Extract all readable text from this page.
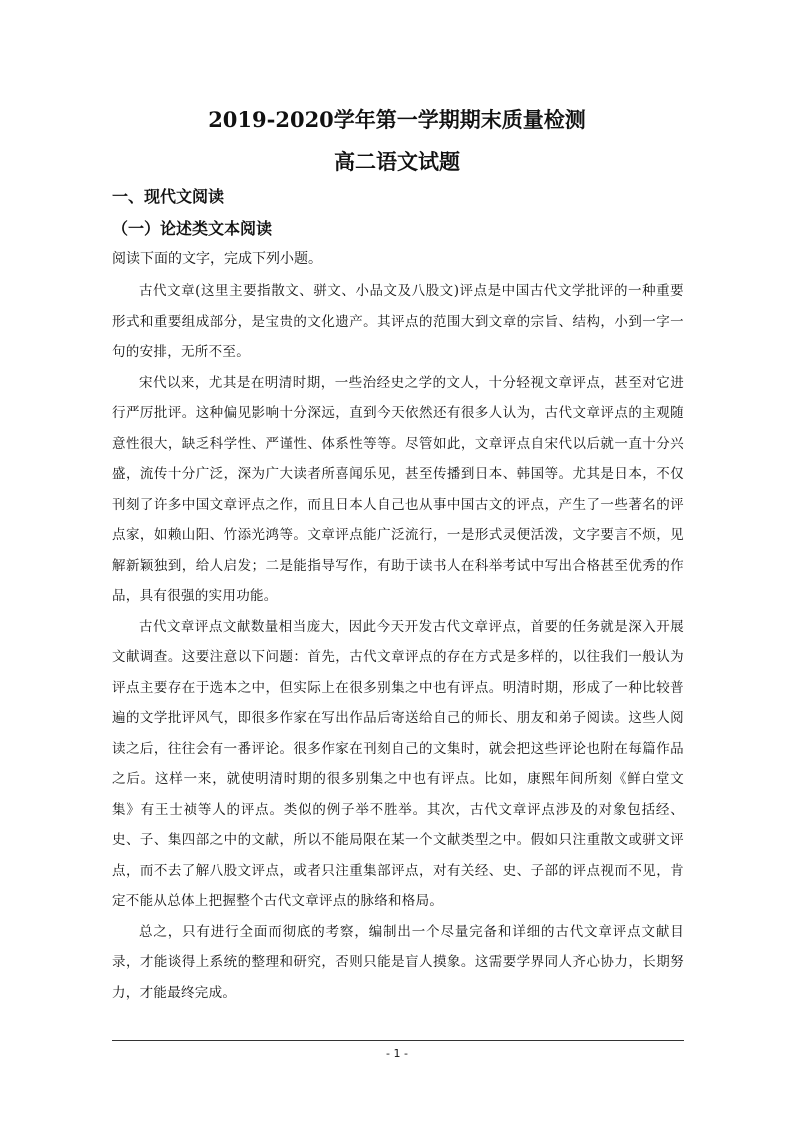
2019-2020学年第一学期期末质量检测
高二语文试题
一、现代文阅读
（一）论述类文本阅读

阅读下面的文字，完成下列小题。

古代文章(这里主要指散文、骈文、小品文及八股文)评点是中国古代文学批评的一种重要形式和重要组成部分，是宝贵的文化遗产。其评点的范围大到文章的宗旨、结构，小到一字一句的安排，无所不至。

宋代以来，尤其是在明清时期，一些治经史之学的文人，十分轻视文章评点，甚至对它进行严厉批评。这种偏见影响十分深远，直到今天依然还有很多人认为，古代文章评点的主观随意性很大，缺乏科学性、严谨性、体系性等等。尽管如此，文章评点自宋代以后就一直十分兴盛，流传十分广泛，深为广大读者所喜闻乐见，甚至传播到日本、韩国等。尤其是日本，不仅刊刻了许多中国文章评点之作，而且日本人自己也从事中国古文的评点，产生了一些著名的评点家，如赖山阳、竹添光鸿等。文章评点能广泛流行，一是形式灵便活泼，文字要言不烦，见解新颖独到，给人启发；二是能指导写作，有助于读书人在科举考试中写出合格甚至优秀的作品，具有很强的实用功能。

古代文章评点文献数量相当庞大，因此今天开发古代文章评点，首要的任务就是深入开展文献调查。这要注意以下问题：首先，古代文章评点的存在方式是多样的，以往我们一般认为评点主要存在于选本之中，但实际上在很多别集之中也有评点。明清时期，形成了一种比较普遍的文学批评风气，即很多作家在写出作品后寄送给自己的师长、朋友和弟子阅读。这些人阅读之后，往往会有一番评论。很多作家在刊刻自己的文集时，就会把这些评论也附在每篇作品之后。这样一来，就使明清时期的很多别集之中也有评点。比如，康熙年间所刻《鲜白堂文集》有王士祯等人的评点。类似的例子举不胜举。其次，古代文章评点涉及的对象包括经、史、子、集四部之中的文献，所以不能局限在某一个文献类型之中。假如只注重散文或骈文评点，而不去了解八股文评点，或者只注重集部评点，对有关经、史、子部的评点视而不见，肯定不能从总体上把握整个古代文章评点的脉络和格局。

总之，只有进行全面而彻底的考察，编制出一个尽量完备和详细的古代文章评点文献目录，才能谈得上系统的整理和研究，否则只能是盲人摸象。这需要学界同人齐心协力，长期努力，才能最终完成。

- 1 -
